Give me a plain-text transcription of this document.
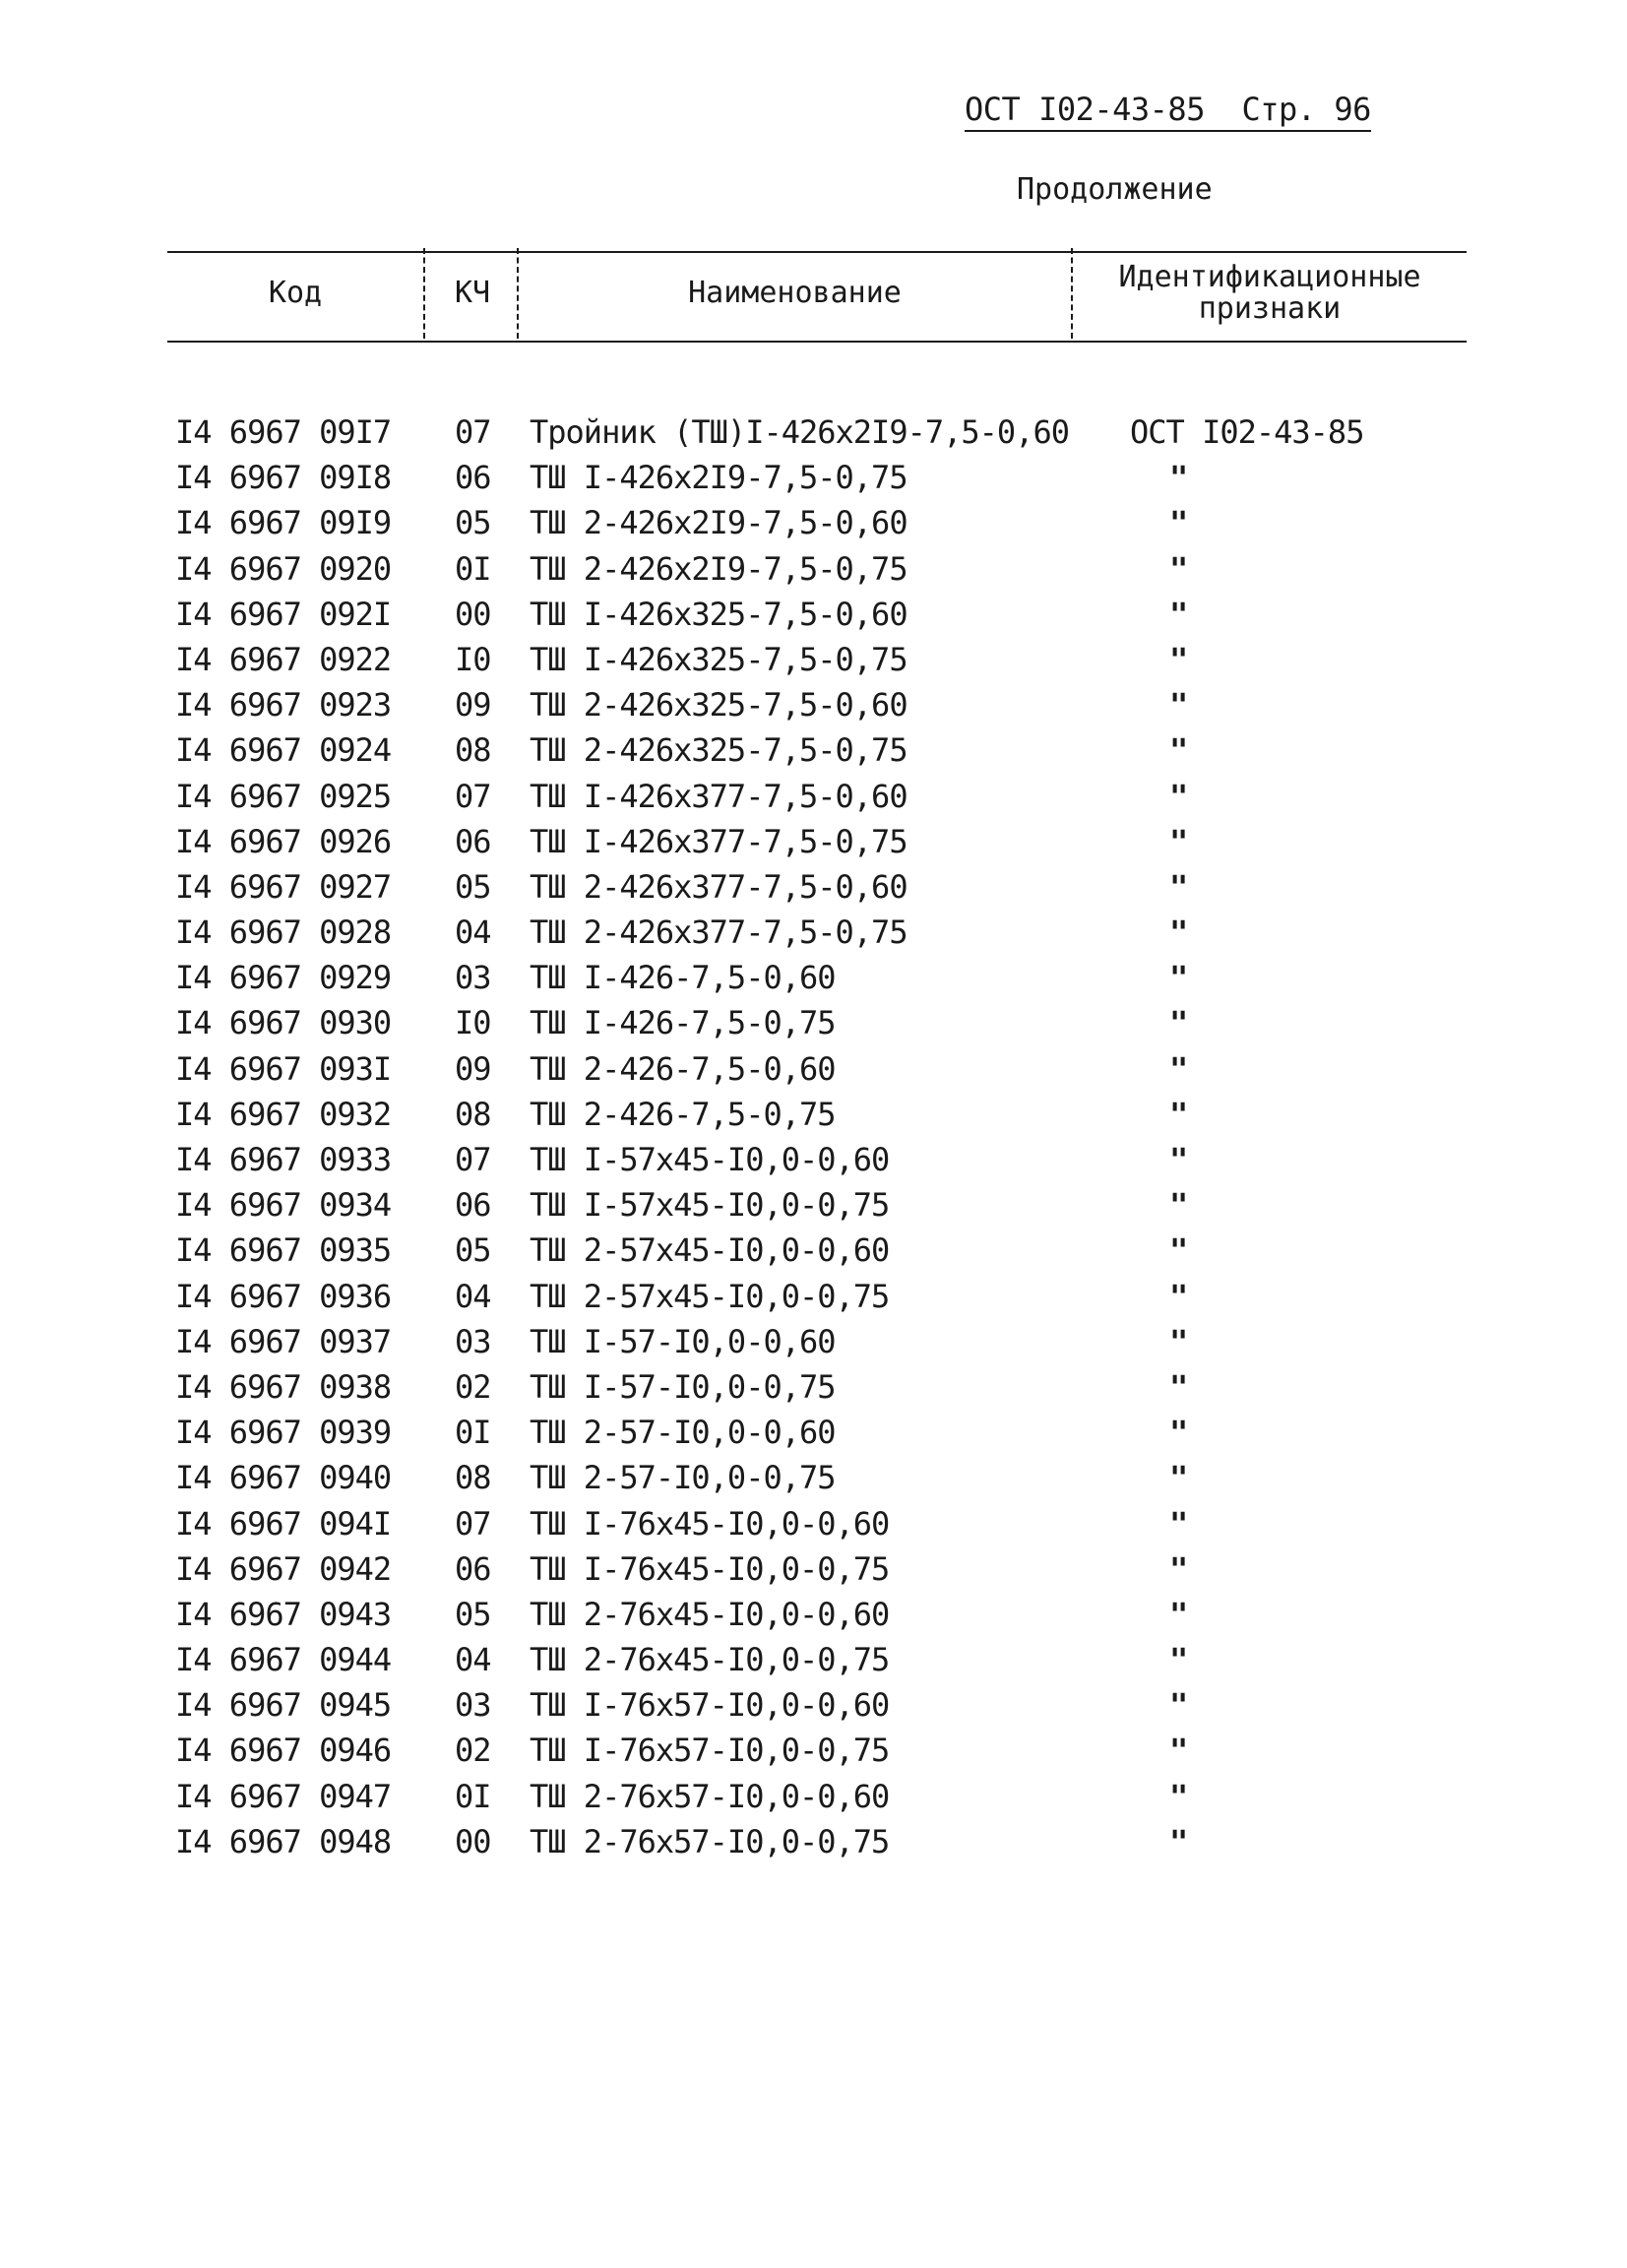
ОСТ I02-43-85 Стр. 96
Продолжение
Код	КЧ	Наименование	Идентификационные признаки
I4 6967 09I7 07 Тройник (ТШ)I-426x2I9-7,5-0,60 ОСТ I02-43-85
I4 6967 09I8 06 ТШ I-426x2I9-7,5-0,75	"
I4 6967 09I9 05 ТШ 2-426x2I9-7,5-0,60	"
I4 6967 0920 0I ТШ 2-426x2I9-7,5-0,75	"
I4 6967 092I 00 ТШ I-426x325-7,5-0,60	"
I4 6967 0922 I0 ТШ I-426x325-7,5-0,75	"
I4 6967 0923 09 ТШ 2-426x325-7,5-0,60	"
I4 6967 0924 08 ТШ 2-426x325-7,5-0,75	"
I4 6967 0925 07 ТШ I-426x377-7,5-0,60	"
I4 6967 0926 06 ТШ I-426x377-7,5-0,75	"
I4 6967 0927 05 ТШ 2-426x377-7,5-0,60	"
I4 6967 0928 04 ТШ 2-426x377-7,5-0,75	"
I4 6967 0929 03 ТШ I-426-7,5-0,60	"
I4 6967 0930 I0 ТШ I-426-7,5-0,75	"
I4 6967 093I 09 ТШ 2-426-7,5-0,60	"
I4 6967 0932 08 ТШ 2-426-7,5-0,75	"
I4 6967 0933 07 ТШ I-57x45-I0,0-0,60	"
I4 6967 0934 06 ТШ I-57x45-I0,0-0,75	"
I4 6967 0935 05 ТШ 2-57x45-I0,0-0,60	"
I4 6967 0936 04 ТШ 2-57x45-I0,0-0,75	"
I4 6967 0937 03 ТШ I-57-I0,0-0,60	"
I4 6967 0938 02 ТШ I-57-I0,0-0,75	"
I4 6967 0939 0I ТШ 2-57-I0,0-0,60	"
I4 6967 0940 08 ТШ 2-57-I0,0-0,75	"
I4 6967 094I 07 ТШ I-76x45-I0,0-0,60	"
I4 6967 0942 06 ТШ I-76x45-I0,0-0,75	"
I4 6967 0943 05 ТШ 2-76x45-I0,0-0,60	"
I4 6967 0944 04 ТШ 2-76x45-I0,0-0,75	"
I4 6967 0945 03 ТШ I-76x57-I0,0-0,60	"
I4 6967 0946 02 ТШ I-76x57-I0,0-0,75	"
I4 6967 0947 0I ТШ 2-76x57-I0,0-0,60	"
I4 6967 0948 00 ТШ 2-76x57-I0,0-0,75	"
